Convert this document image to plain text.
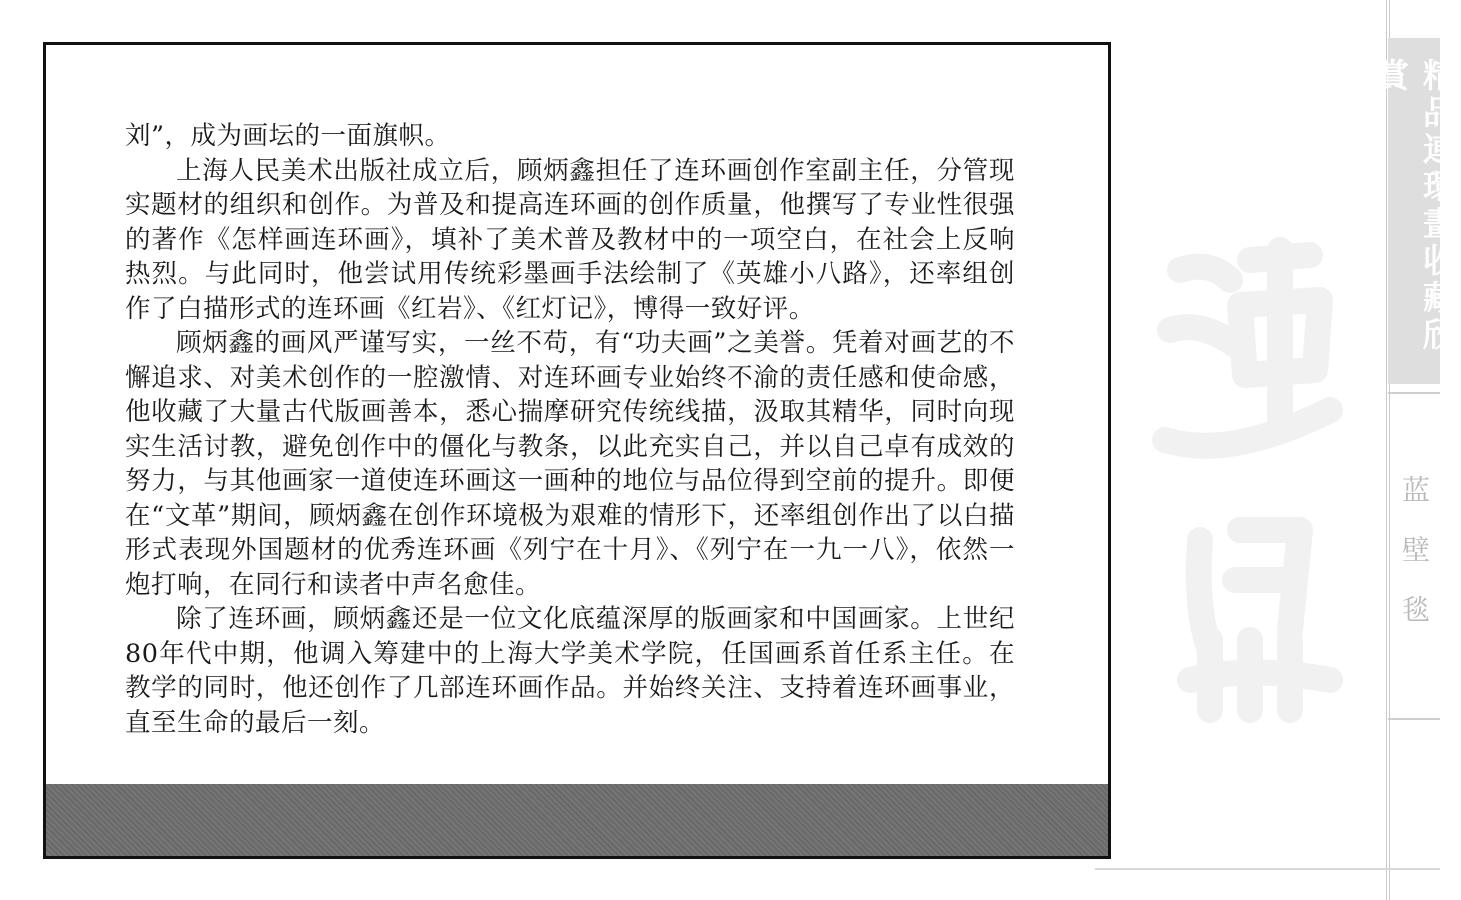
刘”，成为画坛的一面旗帜。

上海人民美术出版社成立后，顾炳鑫担任了连环画创作室副主任，分管现实题材的组织和创作。为普及和提高连环画的创作质量，他撰写了专业性很强的著作《怎样画连环画》，填补了美术普及教材中的一项空白，在社会上反响热烈。与此同时，他尝试用传统彩墨画手法绘制了《英雄小八路》，还率组创作了白描形式的连环画《红岩》、《红灯记》，博得一致好评。

顾炳鑫的画风严谨写实，一丝不苟，有“功夫画”之美誉。凭着对画艺的不懈追求、对美术创作的一腔激情、对连环画专业始终不渝的责任感和使命感，他收藏了大量古代版画善本，悉心揣摩研究传统线描，汲取其精华，同时向现实生活讨教，避免创作中的僵化与教条，以此充实自己，并以自己卓有成效的努力，与其他画家一道使连环画这一画种的地位与品位得到空前的提升。即便在“文革”期间，顾炳鑫在创作环境极为艰难的情形下，还率组创作出了以白描形式表现外国题材的优秀连环画《列宁在十月》、《列宁在一九一八》，依然一炮打响，在同行和读者中声名愈佳。

除了连环画，顾炳鑫还是一位文化底蕴深厚的版画家和中国画家。上世纪80年代中期，他调入筹建中的上海大学美术学院，任国画系首任系主任。在教学的同时，他还创作了几部连环画作品。并始终关注、支持着连环画事业，直至生命的最后一刻。

精品連環畫收藏欣賞
蓝壁毯
